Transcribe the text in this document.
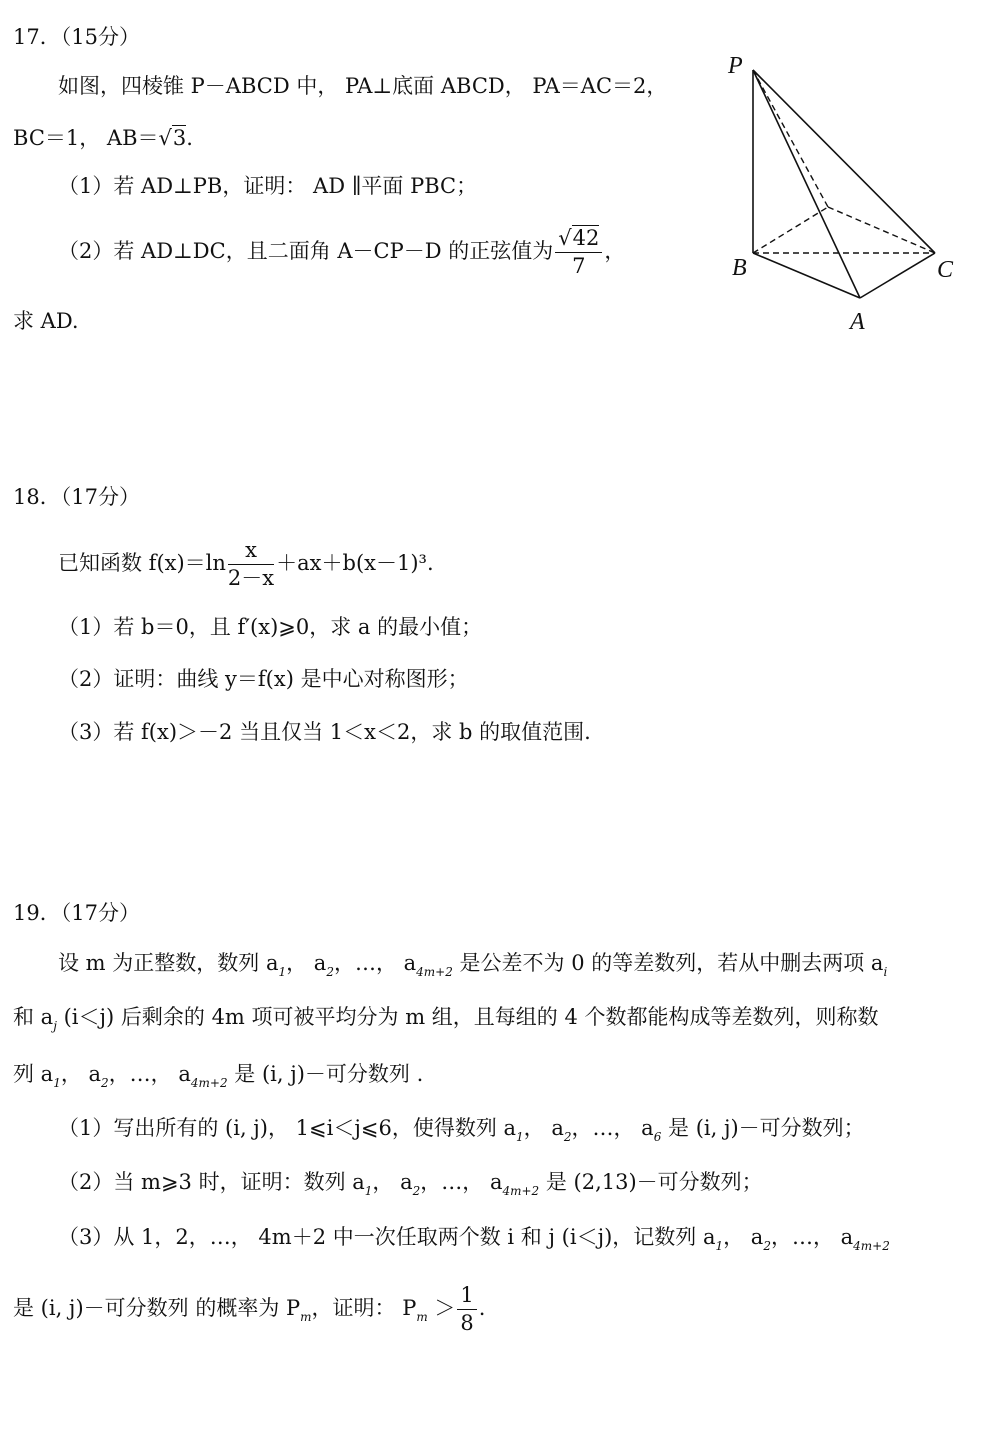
17．（15分）
如图，四棱锥 P－ABCD 中， PA⊥底面 ABCD， PA＝AC＝2，
BC＝1， AB＝√3.
（1）若 AD⊥PB，证明： AD ∥平面 PBC；
（2）若 AD⊥DC，且二面角 A－CP－D 的正弦值为 $\frac{√42}{7}$ ，
求 AD.
P
B	C
A
18．（17分）
已知函数 $f(x)=\ln \frac{x}{2-x} +ax+b(x-1)^3$.
（1）若 b＝0，且 f′(x)⩾0，求 a 的最小值；
（2）证明：曲线 y＝f(x) 是中心对称图形；
（3）若 f(x)＞－2 当且仅当 1＜x＜2，求 b 的取值范围.
19．（17分）
设 m 为正整数，数列 $a_1$， $a_2$，…， $a_{4m+2}$ 是公差不为 0 的等差数列，若从中删去两项 $a_i$
和 $a_j$ (i＜j) 后剩余的 4m 项可被平均分为 m 组，且每组的 4 个数都能构成等差数列，则称数
列 $a_1$， $a_2$，…， $a_{4m+2}$ 是 (i, j)－可分数列 .
（1）写出所有的 (i, j)， 1⩽i＜j⩽6，使得数列 $a_1$， $a_2$，…， $a_6$ 是 (i, j)－可分数列；
（2）当 m⩾3 时，证明：数列 $a_1$， $a_2$，…， $a_{4m+2}$ 是 (2,13)－可分数列；
（3）从 1，2，…， 4m＋2 中一次任取两个数 i 和 j (i＜j)，记数列 $a_1$， $a_2$，…， $a_{4m+2}$
是 (i, j)－可分数列 的概率为 $P_m$，证明： $P_m > \frac{1}{8}$ .
